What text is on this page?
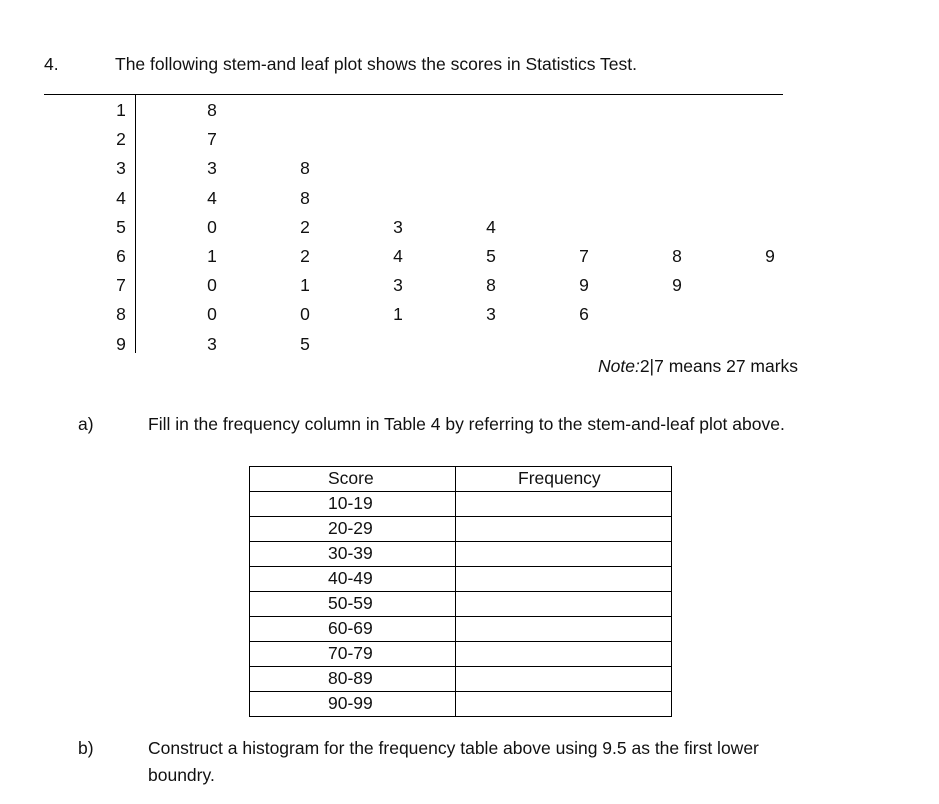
4.	The following stem-and leaf plot shows the scores in Statistics Test.
1	8
2	7
3	3	8
4	4	8
5	0	2	3	4
6	1	2	4	5	7	8	9
7	0	1	3	8	9	9
8	0	0	1	3	6
9	3	5
Note:2|7 means 27 marks
a)	Fill in the frequency column in Table 4 by referring to the stem-and-leaf plot above.
Score	Frequency
10-19	
20-29	
30-39	
40-49	
50-59	
60-69	
70-79	
80-89	
90-99	
b)	Construct a histogram for the frequency table above using 9.5 as the first lower
boundry.
